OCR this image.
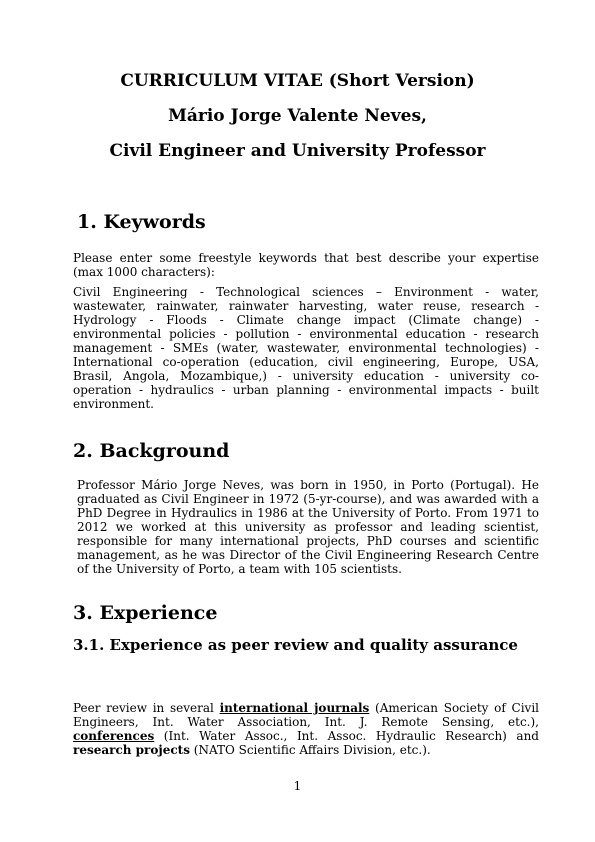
CURRICULUM VITAE (Short Version)
Mário Jorge Valente Neves,
Civil Engineer and University Professor
1. Keywords

Please enter some freestyle keywords that best describe your expertise (max 1000 characters):

Civil Engineering - Technological sciences – Environment - water, wastewater, rainwater, rainwater harvesting, water reuse, research - Hydrology - Floods - Climate change impact (Climate change) - environmental policies - pollution - environmental education - research management - SMEs (water, wastewater, environmental technologies) - International co-operation (education, civil engineering, Europe, USA, Brasil, Angola, Mozambique,) - university education - university co-operation - hydraulics - urban planning - environmental impacts - built environment.

2. Background

Professor Mário Jorge Neves, was born in 1950, in Porto (Portugal). He graduated as Civil Engineer in 1972 (5-yr-course), and was awarded with a PhD Degree in Hydraulics in 1986 at the University of Porto. From 1971 to 2012 we worked at this university as professor and leading scientist, responsible for many international projects, PhD courses and scientific management, as he was Director of the Civil Engineering Research Centre of the University of Porto, a team with 105 scientists.

3. Experience
3.1. Experience as peer review and quality assurance

Peer review in several international journals (American Society of Civil Engineers, Int. Water Association, Int. J. Remote Sensing, etc.), conferences (Int. Water Assoc., Int. Assoc. Hydraulic Research) and research projects (NATO Scientific Affairs Division, etc.).

1
